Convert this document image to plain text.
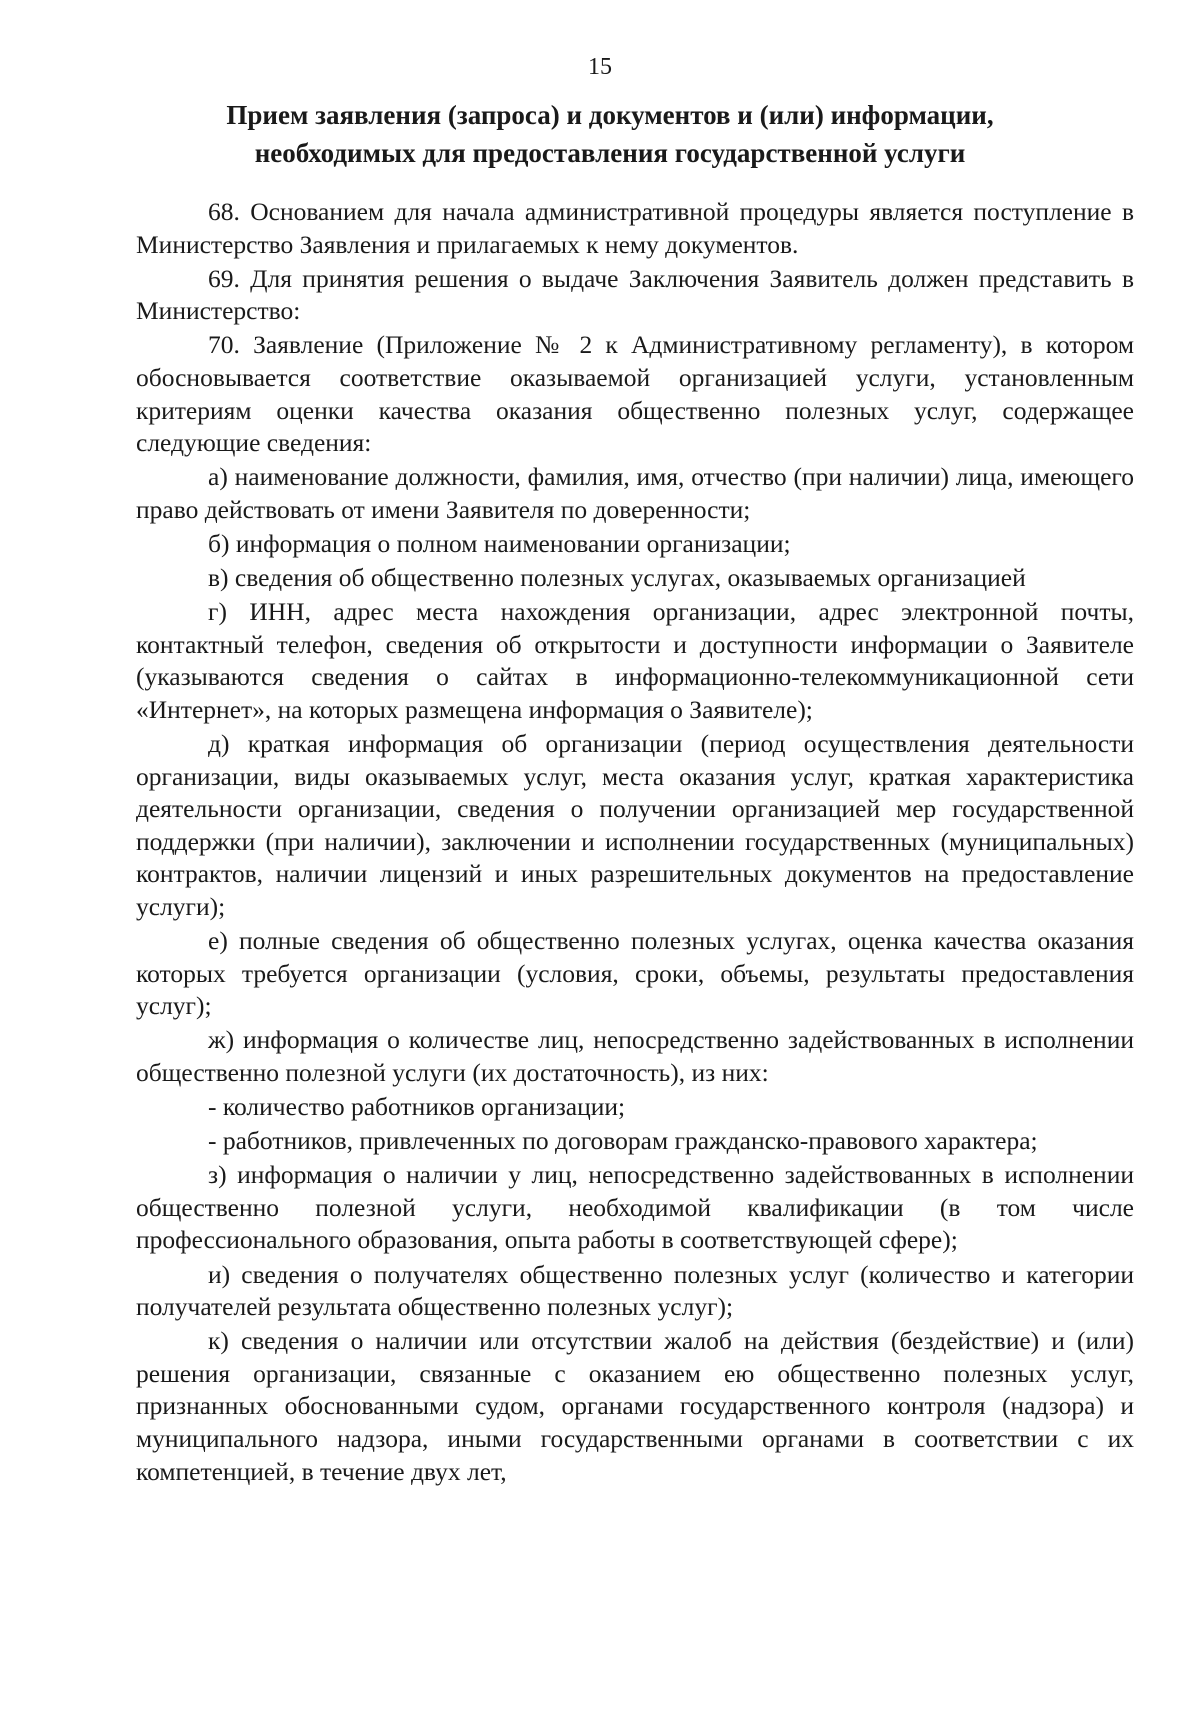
15
Прием заявления (запроса) и документов и (или) информации,
необходимых для предоставления государственной услуги

68. Основанием для начала административной процедуры является поступление в Министерство Заявления и прилагаемых к нему документов.

69. Для принятия решения о выдаче Заключения Заявитель должен представить в Министерство:

70. Заявление (Приложение № 2 к Административному регламенту), в котором обосновывается соответствие оказываемой организацией услуги, установленным критериям оценки качества оказания общественно полезных услуг, содержащее следующие сведения:

а) наименование должности, фамилия, имя, отчество (при наличии) лица, имеющего право действовать от имени Заявителя по доверенности;

б) информация о полном наименовании организации;

в) сведения об общественно полезных услугах, оказываемых организацией

г) ИНН, адрес места нахождения организации, адрес электронной почты, контактный телефон, сведения об открытости и доступности информации о Заявителе (указываются сведения о сайтах в информационно-телекоммуникационной сети «Интернет», на которых размещена информация о Заявителе);

д) краткая информация об организации (период осуществления деятельности организации, виды оказываемых услуг, места оказания услуг, краткая характеристика деятельности организации, сведения о получении организацией мер государственной поддержки (при наличии), заключении и исполнении государственных (муниципальных) контрактов, наличии лицензий и иных разрешительных документов на предоставление услуги);

е) полные сведения об общественно полезных услугах, оценка качества оказания которых требуется организации (условия, сроки, объемы, результаты предоставления услуг);

ж) информация о количестве лиц, непосредственно задействованных в исполнении общественно полезной услуги (их достаточность), из них:

- количество работников организации;

- работников, привлеченных по договорам гражданско-правового характера;

з) информация о наличии у лиц, непосредственно задействованных в исполнении общественно полезной услуги, необходимой квалификации (в том числе профессионального образования, опыта работы в соответствующей сфере);

и) сведения о получателях общественно полезных услуг (количество и категории получателей результата общественно полезных услуг);

к) сведения о наличии или отсутствии жалоб на действия (бездействие) и (или) решения организации, связанные с оказанием ею общественно полезных услуг, признанных обоснованными судом, органами государственного контроля (надзора) и муниципального надзора, иными государственными органами в соответствии с их компетенцией, в течение двух лет,
